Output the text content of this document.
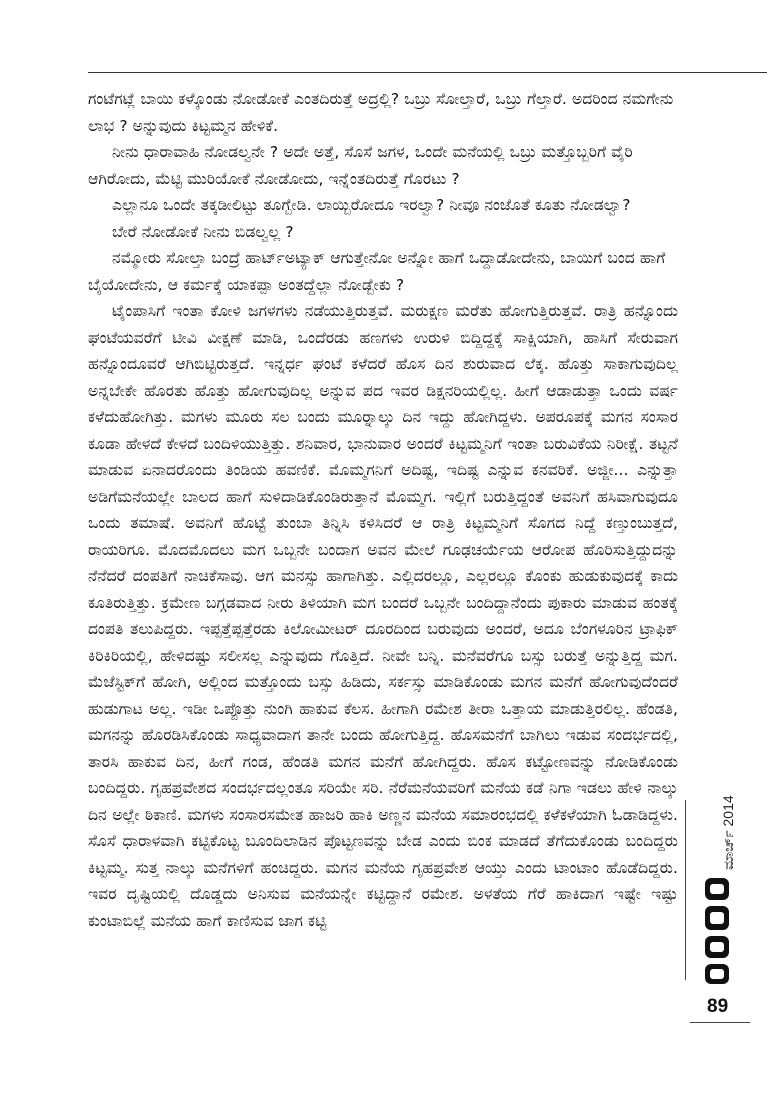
ಗಂಟೆಗಟ್ಲೆ ಬಾಯಿ ಕಳ್ಕೊಂಡು ನೋಡೋಕೆ ಎಂತದಿರುತ್ತೆ ಅದ್ರಲ್ಲಿ? ಒಬ್ರು ಸೋಲ್ತಾರೆ, ಒಬ್ರು ಗೆಲ್ತಾರೆ. ಅದರಿಂದ ನಮಗೇನು ಲಾಭ ? ಅನ್ನುವುದು ಕಿಟ್ಟಮ್ಮನ ಹೇಳಿಕೆ.

ನೀನು ಧಾರಾವಾಹಿ ನೋಡಲ್ವನೇ ? ಅದೇ ಅತ್ತೆ, ಸೊಸೆ ಜಗಳ, ಒಂದೇ ಮನೆಯಲ್ಲಿ ಒಬ್ರು ಮತ್ತೊಬ್ಬರಿಗೆ ವೈರಿ ಆಗಿರೋದು, ಮೆಟ್ಟಿ ಮುರಿಯೋಕೆ ನೋಡೋದು, ಇನ್ನೆಂತದಿರುತ್ತೆ ಗೊರಟು ?

ಎಲ್ಲಾನೂ ಒಂದೇ ತಕ್ಕಡೀಲಿಟ್ಟು ತೂಗ್ಬೇಡಿ. ಲಾಯ್ಬಿರೋದೂ ಇರಲ್ವಾ? ನೀವೂ ನಂಜೊತೆ ಕೂತು ನೋಡಲ್ವಾ?

ಬೇರೆ ನೋಡೋಕೆ ನೀನು ಬಿಡಲ್ವಲ್ಲ ?

ನಮ್ಮೋರು ಸೋಲ್ತಾ ಬಂದ್ರೆ ಹಾರ್ಟ್‌ಅಟ್ಯಾಕ್ ಆಗುತ್ತೇನೋ ಅನ್ನೋ ಹಾಗೆ ಒದ್ದಾಡೋದೇನು, ಬಾಯಿಗೆ ಬಂದ ಹಾಗೆ ಬೈಯೋದೇನು, ಆ ಕರ್ಮಕ್ಕೆ ಯಾಕಪ್ಪಾ ಅಂತದ್ದೆಲ್ಲಾ ನೋಡ್ಬೇಕು ?

ಟೈಂಪಾಸಿಗೆ ಇಂತಾ ಕೋಳಿ ಜಗಳಗಳು ನಡೆಯುತ್ತಿರುತ್ತವೆ. ಮರುಕ್ಷಣ ಮರೆತು ಹೋಗುತ್ತಿರುತ್ತವೆ. ರಾತ್ರಿ ಹನ್ನೊಂದು ಘಂಟೆಯವರೆಗೆ ಟೀವಿ ವೀಕ್ಷಣೆ ಮಾಡಿ, ಒಂದೆರಡು ಹಣಗಳು ಉರುಳಿ ಬಿದ್ದಿದ್ದಕ್ಕೆ ಸಾಕ್ಷಿಯಾಗಿ, ಹಾಸಿಗೆ ಸೇರುವಾಗ ಹನ್ನೊಂದೂವರೆ ಆಗಿಬಿಟ್ಟಿರುತ್ತದೆ. ಇನ್ನರ್ಧ ಘಂಟೆ ಕಳೆದರೆ ಹೊಸ ದಿನ ಶುರುವಾದ ಲೆಕ್ಕ. ಹೊತ್ತು ಸಾಕಾಗುವುದಿಲ್ಲ ಅನ್ನಬೇಕೇ ಹೊರತು ಹೊತ್ತು ಹೋಗುವುದಿಲ್ಲ ಅನ್ನುವ ಪದ ಇವರ ಡಿಕ್ಷನರಿಯಲ್ಲಿಲ್ಲ. ಹೀಗೆ ಆಡಾಡುತ್ತಾ ಒಂದು ವರ್ಷ ಕಳೆದುಹೋಗಿತ್ತು. ಮಗಳು ಮೂರು ಸಲ ಬಂದು ಮೂರ್‍ನಾಲ್ಕು ದಿನ ಇದ್ದು ಹೋಗಿದ್ದಳು. ಅಪರೂಪಕ್ಕೆ ಮಗನ ಸಂಸಾರ ಕೂಡಾ ಹೇಳದೆ ಕೇಳದೆ ಬಂದಿಳಿಯುತ್ತಿತ್ತು. ಶನಿವಾರ, ಭಾನುವಾರ ಅಂದರೆ ಕಿಟ್ಟಮ್ಮನಿಗೆ ಇಂತಾ ಬರುವಿಕೆಯ ನಿರೀಕ್ಷೆ. ತಟ್ಟನೆ ಮಾಡುವ ಏನಾದರೊಂದು ತಿಂಡಿಯ ಹವಣಿಕೆ. ಮೊಮ್ಮಗನಿಗೆ ಅದಿಷ್ಟ, ಇದಿಷ್ಟ ಎನ್ನುವ ಕನವರಿಕೆ. ಅಜ್ಜೀ... ಎನ್ನುತ್ತಾ ಅಡಿಗೆಮನೆಯಲ್ಲೇ ಬಾಲದ ಹಾಗೆ ಸುಳಿದಾಡಿಕೊಂಡಿರುತ್ತಾನೆ ಮೊಮ್ಮಗ. ಇಲ್ಲಿಗೆ ಬರುತ್ತಿದ್ದಂತೆ ಅವನಿಗೆ ಹಸಿವಾಗುವುದೂ ಒಂದು ತಮಾಷೆ. ಅವನಿಗೆ ಹೊಟ್ಟೆ ತುಂಬಾ ತಿನ್ನಿಸಿ ಕಳಿಸಿದರೆ ಆ ರಾತ್ರಿ ಕಿಟ್ಟಮ್ಮನಿಗೆ ಸೊಗದ ನಿದ್ದೆ ಕಣ್ತುಂಬುತ್ತದೆ, ರಾಯರಿಗೂ. ಮೊದಮೊದಲು ಮಗ ಒಬ್ಬನೇ ಬಂದಾಗ ಅವನ ಮೇಲೆ ಗೂಢಚರ್ಯೆಯ ಆರೋಪ ಹೊರಿಸುತ್ತಿದ್ದುದನ್ನು ನೆನೆದರೆ ದಂಪತಿಗೆ ನಾಚಿಕೆಸಾವು. ಆಗ ಮನಸ್ಸು ಹಾಗಾಗಿತ್ತು. ಎಲ್ಲಿದರಲ್ಲೂ, ಎಲ್ಲರಲ್ಲೂ ಕೊಂಕು ಹುಡುಕುವುದಕ್ಕೆ ಕಾದು ಕೂತಿರುತ್ತಿತ್ತು. ಕ್ರಮೇಣ ಬಗ್ಗಡವಾದ ನೀರು ತಿಳಿಯಾಗಿ ಮಗ ಬಂದರೆ ಒಬ್ಬನೇ ಬಂದಿದ್ದಾನೆಂದು ಪುಕಾರು ಮಾಡುವ ಹಂತಕ್ಕೆ ದಂಪತಿ ತಲುಪಿದ್ದರು. ಇಪ್ಪತ್ತೆಪ್ಪತ್ತೆರಡು ಕಿಲೋಮೀಟರ್ ದೂರದಿಂದ ಬರುವುದು ಅಂದರೆ, ಅದೂ ಬೆಂಗಳೂರಿನ ಟ್ರಾಫಿಕ್ ಕಿರಿಕಿರಿಯಲ್ಲಿ, ಹೇಳಿದಷ್ಟು ಸಲೀಸಲ್ಲ ಎನ್ನುವುದು ಗೊತ್ತಿದೆ. ನೀವೇ ಬನ್ನಿ. ಮನೆವರೆಗೂ ಬಸ್ಸು ಬರುತ್ತೆ ಅನ್ನುತ್ತಿದ್ದ ಮಗ. ಮೆಜೆಸ್ಟಿಕ್‌ಗೆ ಹೋಗಿ, ಅಲ್ಲಿಂದ ಮತ್ತೊಂದು ಬಸ್ಸು ಹಿಡಿದು, ಸರ್ಕಸ್ಸು ಮಾಡಿಕೊಂಡು ಮಗನ ಮನೆಗೆ ಹೋಗುವುದೆಂದರೆ ಹುಡುಗಾಟ ಅಲ್ಲ. ಇಡೀ ಒಪ್ಪೊತ್ತು ನುಂಗಿ ಹಾಕುವ ಕೆಲಸ. ಹೀಗಾಗಿ ರಮೇಶ ತೀರಾ ಒತ್ತಾಯ ಮಾಡುತ್ತಿರಲಿಲ್ಲ. ಹೆಂಡತಿ, ಮಗನನ್ನು ಹೊರಡಿಸಿಕೊಂಡು ಸಾಧ್ಯವಾದಾಗ ತಾನೇ ಬಂದು ಹೋಗುತ್ತಿದ್ದ. ಹೊಸಮನೆಗೆ ಬಾಗಿಲು ಇಡುವ ಸಂದರ್ಭದಲ್ಲಿ, ತಾರಸಿ ಹಾಕುವ ದಿನ, ಹೀಗೆ ಗಂಡ, ಹೆಂಡತಿ ಮಗನ ಮನೆಗೆ ಹೋಗಿದ್ದರು. ಹೊಸ ಕಟ್ಟೋಣವನ್ನು ನೋಡಿಕೊಂಡು ಬಂದಿದ್ದರು. ಗೃಹಪ್ರವೇಶದ ಸಂದರ್ಭದಲ್ಲಂತೂ ಸರಿಯೇ ಸರಿ. ನೆರೆಮನೆಯವರಿಗೆ ಮನೆಯ ಕಡೆ ನಿಗಾ ಇಡಲು ಹೇಳಿ ನಾಲ್ಕು ದಿನ ಅಲ್ಲೇ ಠಿಕಾಣಿ. ಮಗಳು ಸಂಸಾರಸಮೇತ ಹಾಜರಿ ಹಾಕಿ ಅಣ್ಣನ ಮನೆಯ ಸಮಾರಂಭದಲ್ಲಿ ಕಳೆಕಳೆಯಾಗಿ ಓಡಾಡಿದ್ದಳು. ಸೊಸೆ ಧಾರಾಳವಾಗಿ ಕಟ್ಟಿಕೊಟ್ಟ ಬೂಂದಿಲಾಡಿನ ಪೊಟ್ಟಣವನ್ನು ಬೇಡ ಎಂದು ಬಿಂಕ ಮಾಡದೆ ತೆಗೆದುಕೊಂಡು ಬಂದಿದ್ದರು ಕಿಟ್ಟಮ್ಮ. ಸುತ್ತ ನಾಲ್ಕು ಮನೆಗಳಿಗೆ ಹಂಚಿದ್ದರು. ಮಗನ ಮನೆಯ ಗೃಹಪ್ರವೇಶ ಆಯ್ತು ಎಂದು ಟಾಂಟಾಂ ಹೊಡೆದಿದ್ದರು. ಇವರ ದೃಷ್ಟಿಯಲ್ಲಿ ದೊಡ್ಡದು ಅನಿಸುವ ಮನೆಯನ್ನೇ ಕಟ್ಟಿದ್ದಾನೆ ರಮೇಶ. ಅಳತೆಯ ಗೆರೆ ಹಾಕಿದಾಗ ಇಷ್ಟೇ ಇಷ್ಟು ಕುಂಟಾಬಿಲ್ಲೆ ಮನೆಯ ಹಾಗೆ ಕಾಣಿಸುವ ಜಾಗ ಕಟ್ಟಿ

ಮಾರ್ಚ್ 2014
89
